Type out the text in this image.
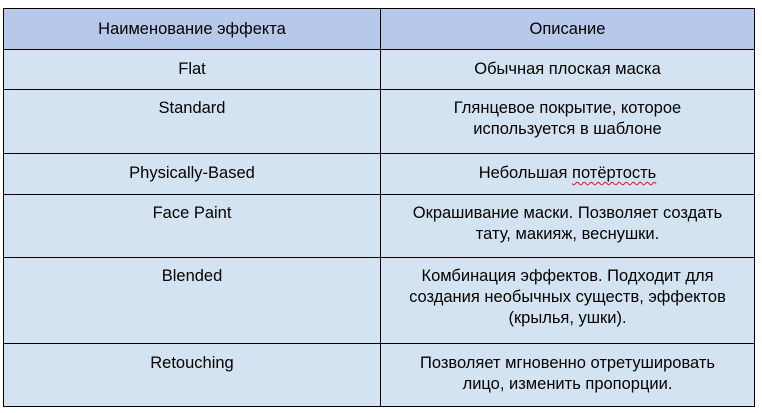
Наименование эффекта	Описание
Flat	Обычная плоская маска
Standard	Глянцевое покрытие, которое
используется в шаблоне
Physically-Based	Небольшая потёртость
Face Paint	Окрашивание маски. Позволяет создать
тату, макияж, веснушки.
Blended	Комбинация эффектов. Подходит для
создания необычных существ, эффектов
(крылья, ушки).
Retouching	Позволяет мгновенно отретушировать
лицо, изменить пропорции.
